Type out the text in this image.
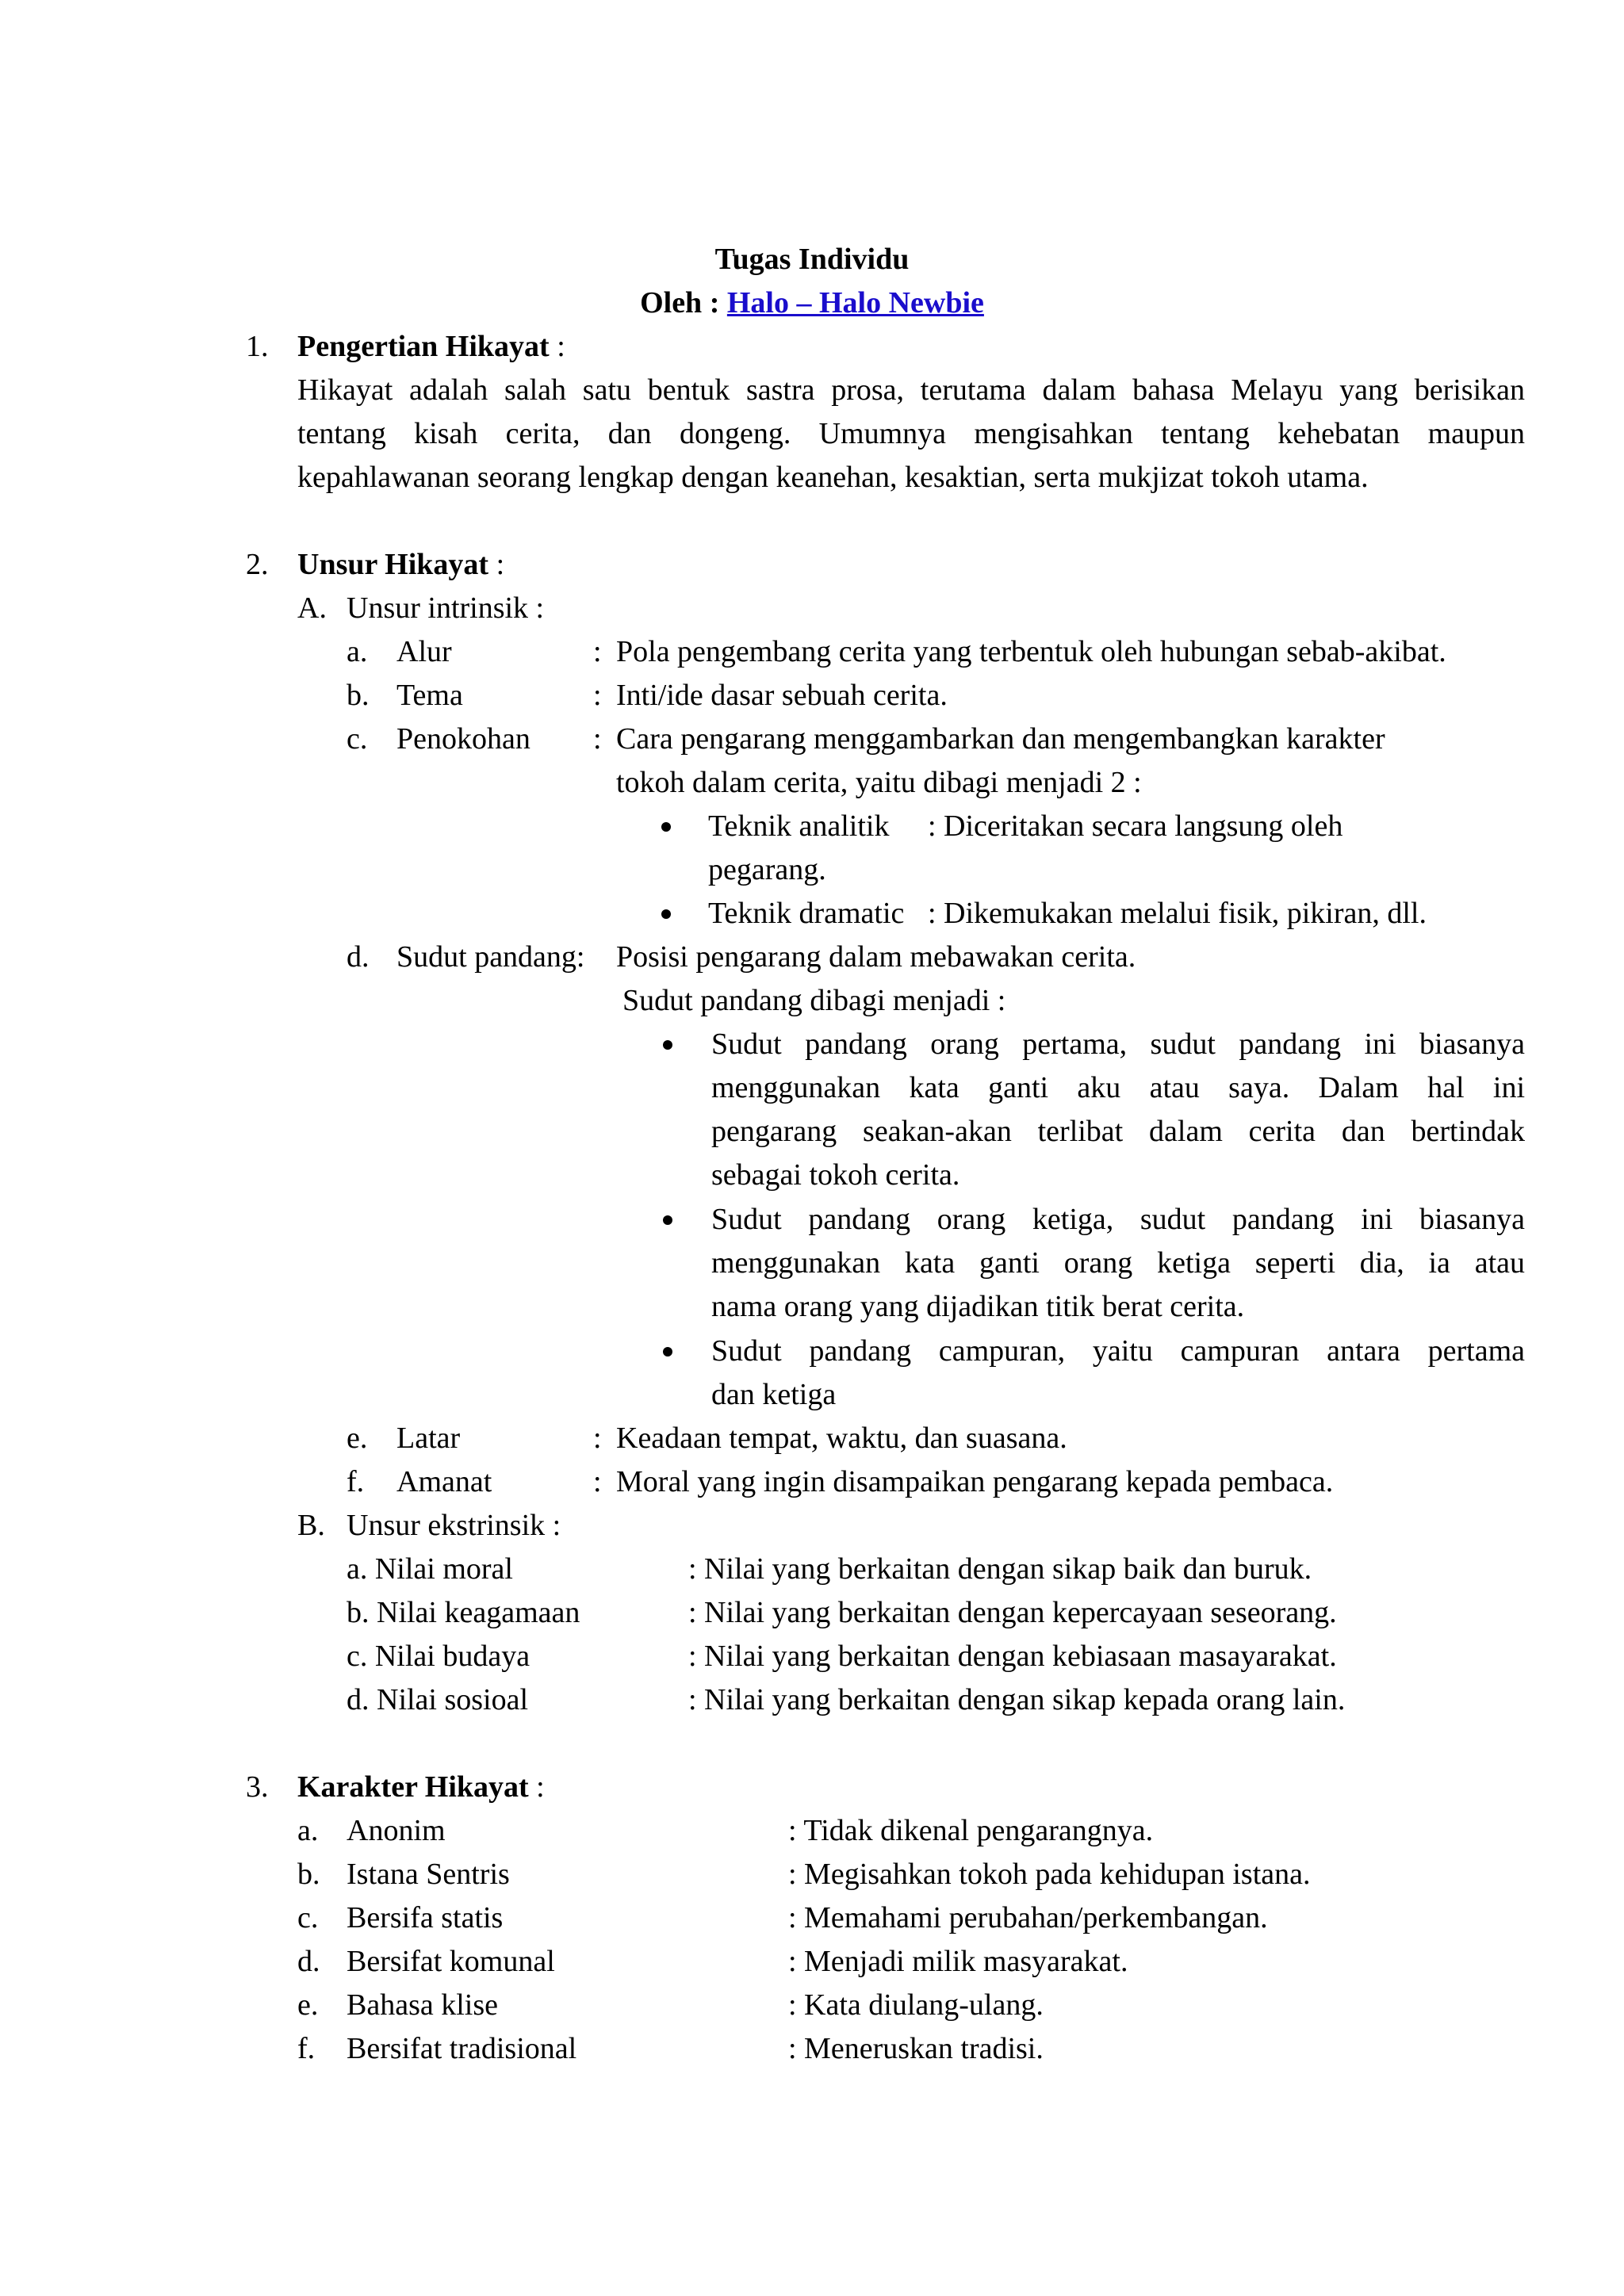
Tugas Individu
Oleh : Halo – Halo Newbie
1. Pengertian Hikayat :
Hikayat adalah salah satu bentuk sastra prosa, terutama dalam bahasa Melayu yang berisikan
tentang kisah cerita, dan dongeng. Umumnya mengisahkan tentang kehebatan maupun
kepahlawanan seorang lengkap dengan keanehan, kesaktian, serta mukjizat tokoh utama.
2. Unsur Hikayat :
A. Unsur intrinsik :
a. Alur	: Pola pengembang cerita yang terbentuk oleh hubungan sebab-akibat.
b. Tema	: Inti/ide dasar sebuah cerita.
c. Penokohan : Cara pengarang menggambarkan dan mengembangkan karakter
tokoh dalam cerita, yaitu dibagi menjadi 2 :
Teknik analitik : Diceritakan secara langsung oleh
pegarang.
Teknik dramatic : Dikemukakan melalui fisik, pikiran, dll.
d. Sudut pandang: Posisi pengarang dalam mebawakan cerita.
Sudut pandang dibagi menjadi :
Sudut pandang orang pertama, sudut pandang ini biasanya
menggunakan kata ganti aku atau saya. Dalam hal ini
pengarang seakan-akan terlibat dalam cerita dan bertindak
sebagai tokoh cerita.
Sudut pandang orang ketiga, sudut pandang ini biasanya
menggunakan kata ganti orang ketiga seperti dia, ia atau
nama orang yang dijadikan titik berat cerita.
Sudut pandang campuran, yaitu campuran antara pertama
dan ketiga
e. Latar	: Keadaan tempat, waktu, dan suasana.
f. Amanat	: Moral yang ingin disampaikan pengarang kepada pembaca.
B. Unsur ekstrinsik :
a. Nilai moral	: Nilai yang berkaitan dengan sikap baik dan buruk.
b. Nilai keagamaan	: Nilai yang berkaitan dengan kepercayaan seseorang.
c. Nilai budaya	: Nilai yang berkaitan dengan kebiasaan masayarakat.
d. Nilai sosioal	: Nilai yang berkaitan dengan sikap kepada orang lain.
3. Karakter Hikayat :
a. Anonim	: Tidak dikenal pengarangnya.
b. Istana Sentris	: Megisahkan tokoh pada kehidupan istana.
c. Bersifa statis	: Memahami perubahan/perkembangan.
d. Bersifat komunal	: Menjadi milik masyarakat.
e. Bahasa klise	: Kata diulang-ulang.
f. Bersifat tradisional	: Meneruskan tradisi.
